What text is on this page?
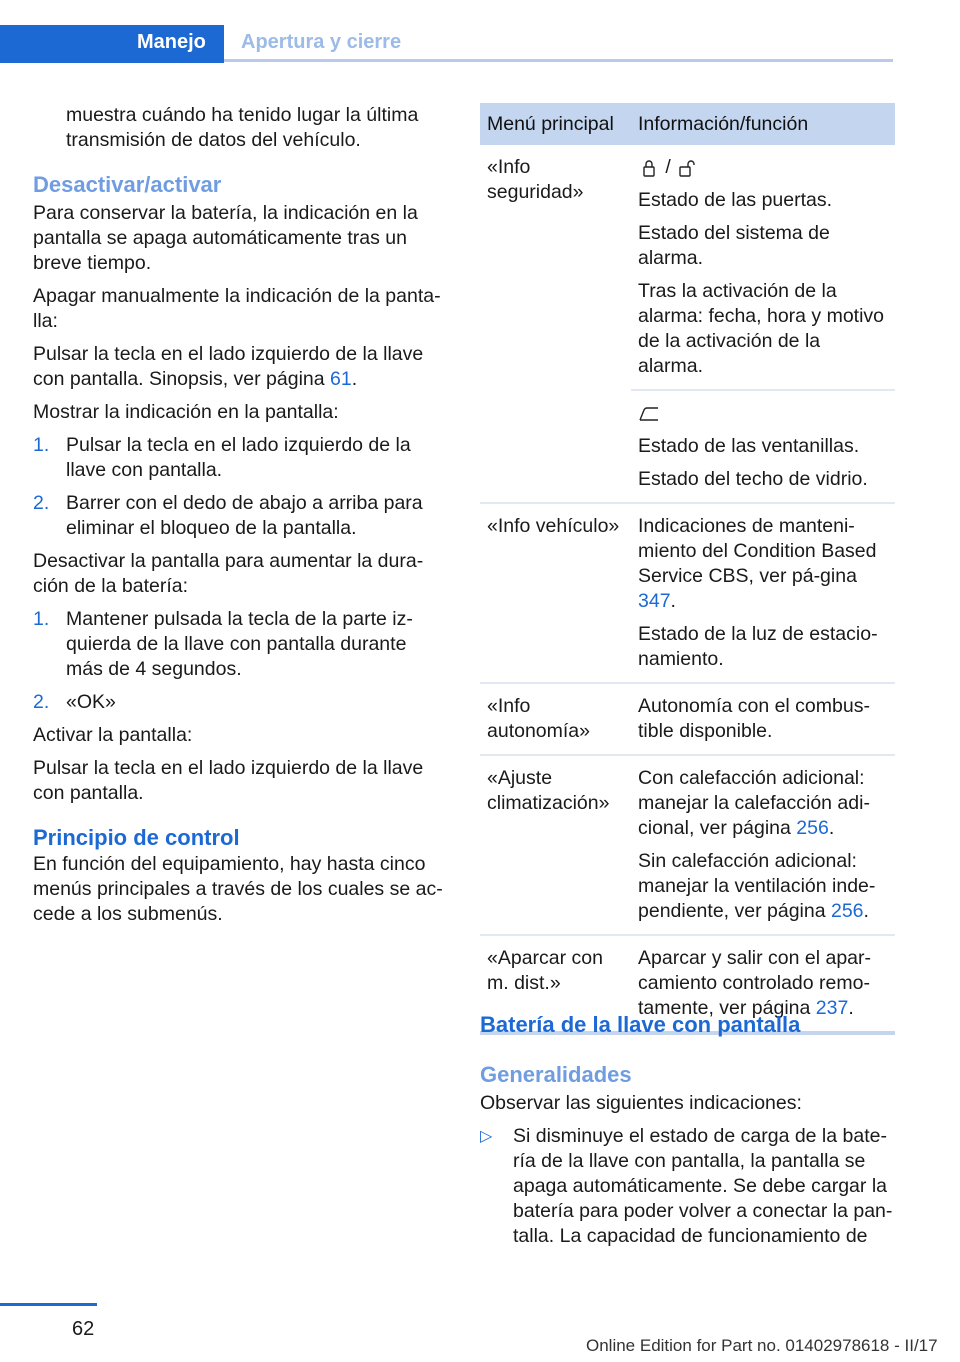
Manejo Apertura y cierre

muestra cuándo ha tenido lugar la última transmisión de datos del vehículo.

Desactivar/activar

Para conservar la batería, la indicación en la pantalla se apaga automáticamente tras un breve tiempo.

Apagar manualmente la indicación de la panta‐lla:

Pulsar la tecla en el lado izquierdo de la llave con pantalla. Sinopsis, ver página 61.

Mostrar la indicación en la pantalla:

1. Pulsar la tecla en el lado izquierdo de la llave con pantalla.
2. Barrer con el dedo de abajo a arriba para eliminar el bloqueo de la pantalla.

Desactivar la pantalla para aumentar la dura‐ción de la batería:

1. Mantener pulsada la tecla de la parte iz‐quierda de la llave con pantalla durante más de 4 segundos.
2. «OK»

Activar la pantalla:

Pulsar la tecla en el lado izquierdo de la llave con pantalla.

Principio de control

En función del equipamiento, hay hasta cinco menús principales a través de los cuales se ac‐cede a los submenús.

Menú principal	Información/función
«Info seguridad»	/

Estado de las puertas.

Estado del sistema de alarma.

Tras la activación de la alarma: fecha, hora y motivo de la activación de la alarma.

	Estado de las ventanillas.

Estado del techo de vidrio.

«Info vehículo»	Indicaciones de manteni‐miento del Condition Based Service CBS, ver pá‐gina 347.

Estado de la luz de estacio‐namiento.

«Info autonomía»	Autonomía con el combus‐tible disponible.

«Ajuste climatización»	Con calefacción adicional: manejar la calefacción adi‐cional, ver página 256.

Sin calefacción adicional: manejar la ventilación inde‐pendiente, ver página 256.

«Aparcar con m. dist.»	Aparcar y salir con el apar‐camiento controlado remo‐tamente, ver página 237.

Batería de la llave con pantalla
Generalidades

Observar las siguientes indicaciones:

▷	Si disminuye el estado de carga de la bate‐ría de la llave con pantalla, la pantalla se apaga automáticamente. Se debe cargar la batería para poder volver a conectar la pan‐talla. La capacidad de funcionamiento de
62
Online Edition for Part no. 01402978618 - II/17
